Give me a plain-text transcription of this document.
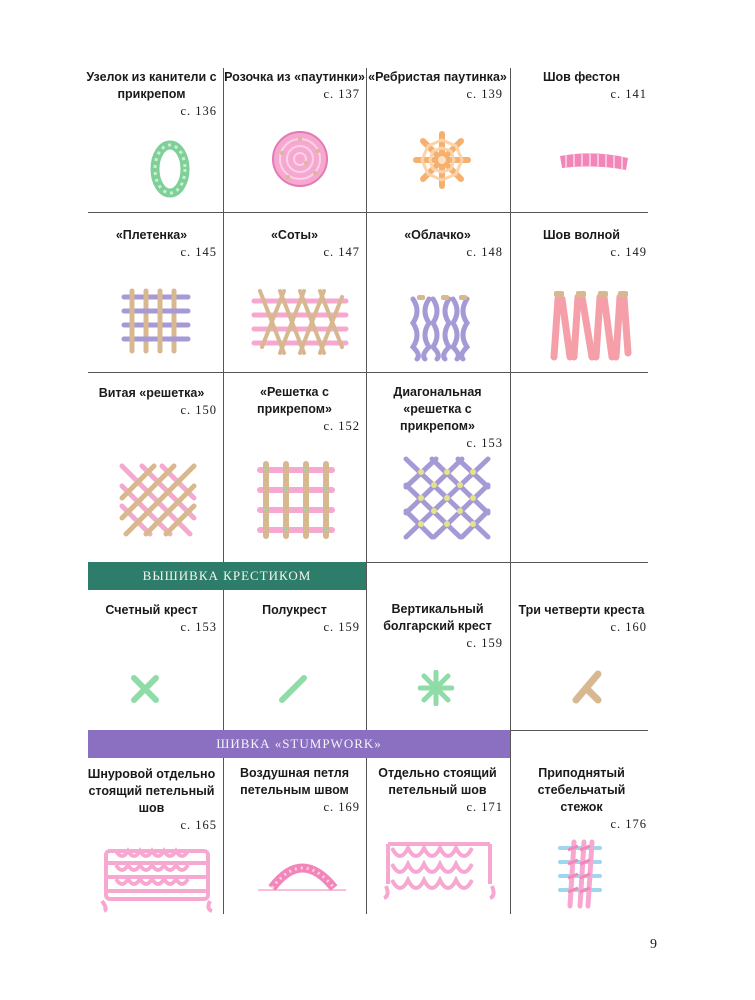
ВЫШИВКА КРЕСТИКОМ
ШИВКА «STUMPWORK»
Узелок из канители с прикрепом
с. 136
Розочка из «паутинки»
с. 137
«Ребристая паутинка»
с. 139
Шов фестон
с. 141
«Плетенка»
с. 145
«Соты»
с. 147
«Облачко»
с. 148
Шов волной
с. 149
Витая «решетка»
с. 150
«Решетка с прикрепом»
с. 152
Диагональная «решетка с прикрепом»
с. 153
Счетный крест
с. 153
Полукрест
с. 159
Вертикальный болгарский крест
с. 159
Три четверти креста
с. 160
Шнуровой отдельно стоящий петельный шов
с. 165
Воздушная петля петельным швом
с. 169
Отдельно стоящий петельный шов
с. 171
Приподнятый стебельчатый стежок
с. 176
9
